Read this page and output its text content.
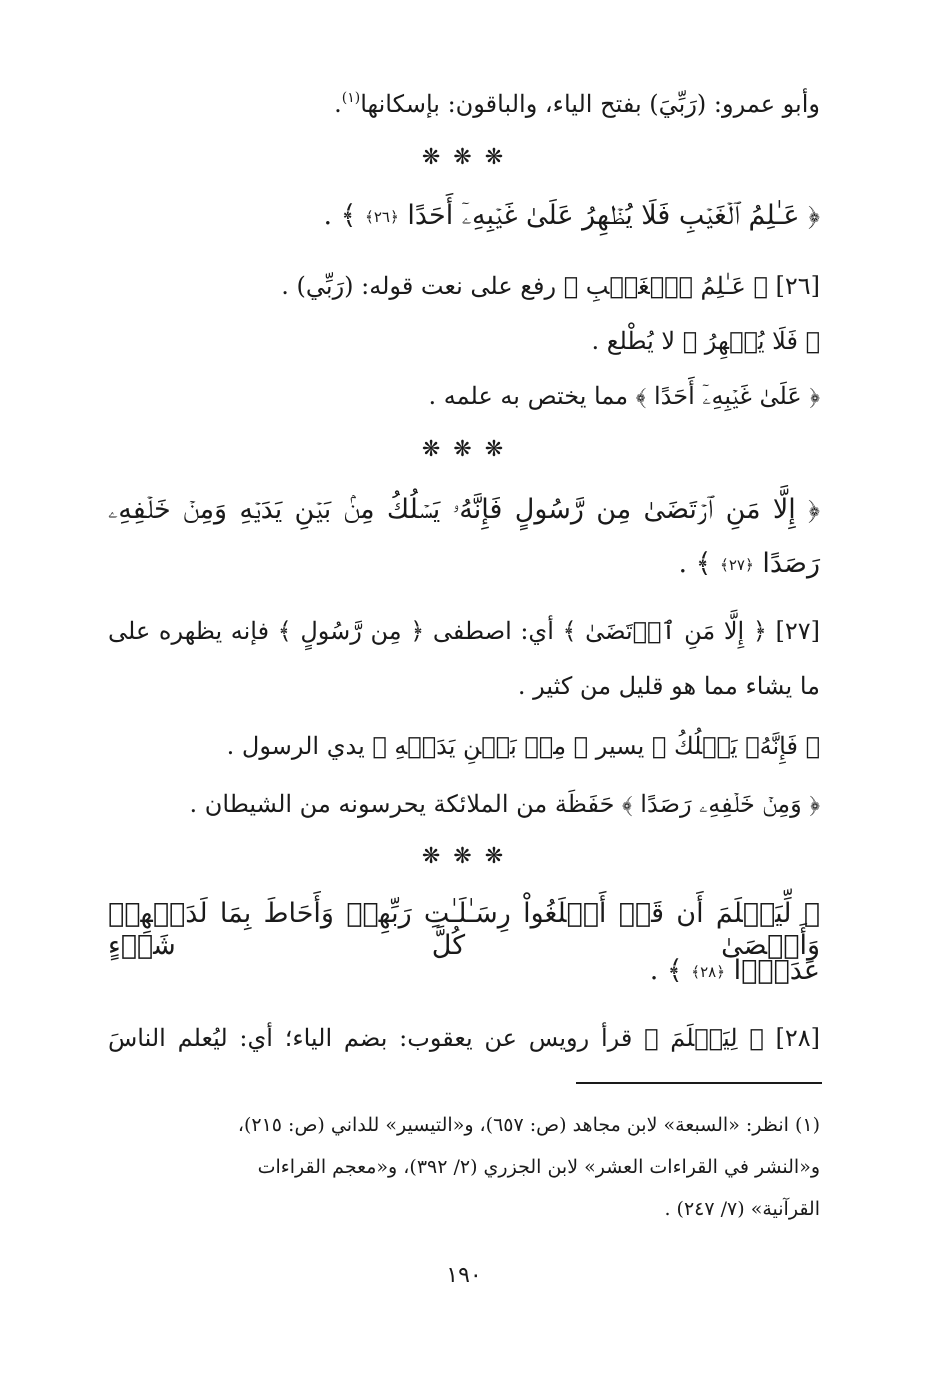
وأبو عمرو: (رَبِّيَ) بفتح الياء، والباقون: بإسكانها$^{(١)}$.
❋ ❋ ❋
﴿ عَـٰلِمُ ٱلۡغَيۡبِ فَلَا يُظۡهِرُ عَلَىٰ غَيۡبِهِۦٓ أَحَدًا ﴿٢٦﴾ ﴾ .
[٢٦] ﴿ عَـٰلِمُ ٱلۡغَيۡبِ ﴾ رفع على نعت قوله: (رَبِّي) .
﴿ فَلَا يُظۡهِرُ ﴾ لا يُطْلع .
﴿ عَلَىٰ غَيۡبِهِۦٓ أَحَدًا ﴾ مما يختص به علمه .
❋ ❋ ❋
﴿ إِلَّا مَنِ ٱرۡتَضَىٰ مِن رَّسُولٍ فَإِنَّهُۥ يَسۡلُكُ مِنۢ بَيۡنِ يَدَيۡهِ وَمِنۡ خَلۡفِهِۦ
رَصَدًا ﴿٢٧﴾ ﴾ .
[٢٧] ﴿ إِلَّا مَنِ ٱرۡتَضَىٰ ﴾ أي: اصطفى ﴿ مِن رَّسُولٍ ﴾ فإنه يظهره على
ما يشاء مما هو قليل من كثير .
﴿ فَإِنَّهُۥ يَسۡلُكُ ﴾ يسير ﴿ مِنۢ بَيۡنِ يَدَيۡهِ ﴾ يدي الرسول .
﴿ وَمِنۡ خَلۡفِهِۦ رَصَدًا ﴾ حَفَظَة من الملائكة يحرسونه من الشيطان .
❋ ❋ ❋
﴿ لِّيَعۡلَمَ أَن قَدۡ أَبۡلَغُواْ رِسَـٰلَـٰتِ رَبِّهِمۡ وَأَحَاطَ بِمَا لَدَيۡهِمۡ وَأَحۡصَىٰ كُلَّ شَيۡءٍ
عَدَدًۢا ﴿٢٨﴾ ﴾ .
[٢٨] ﴿ لِيَعۡلَمَ ﴾ قرأ رويس عن يعقوب: بضم الياء؛ أي: ليُعلم الناسَ
(١) انظر: «السبعة» لابن مجاهد (ص: ٦٥٧)، و«التيسير» للداني (ص: ٢١٥)،
و«النشر في القراءات العشر» لابن الجزري (٢/ ٣٩٢)، و«معجم القراءات
القرآنية» (٧/ ٢٤٧) .
١٩٠
